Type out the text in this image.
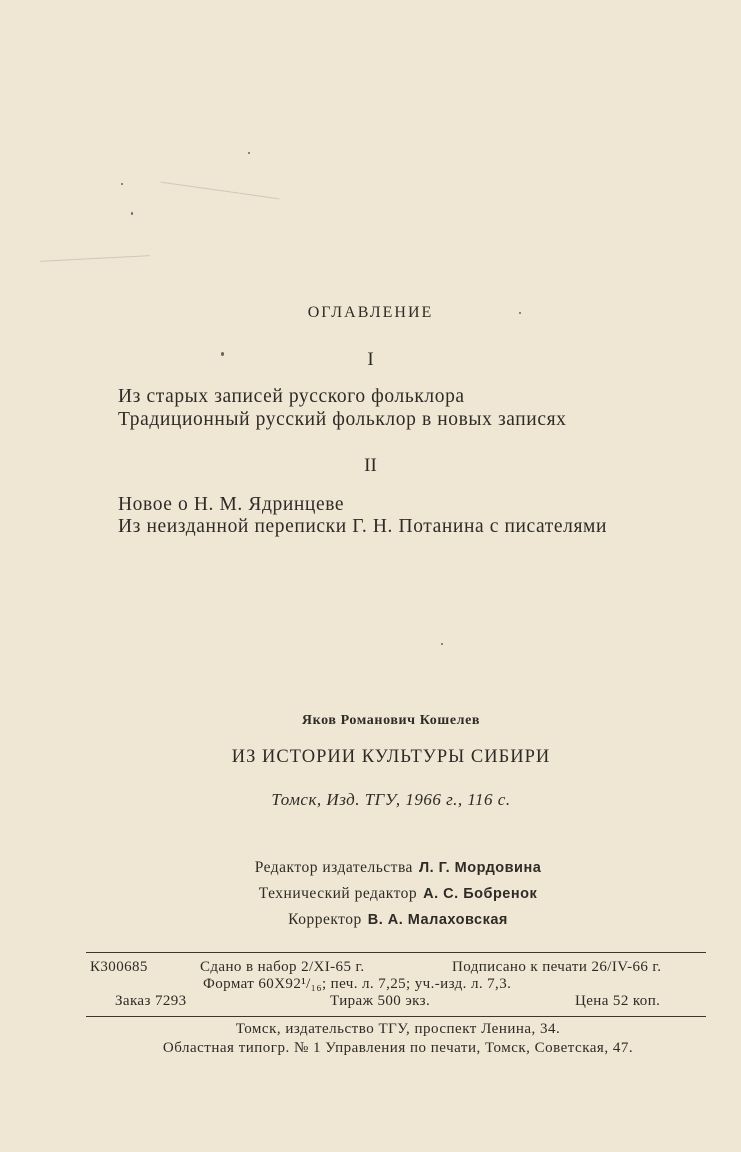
ОГЛАВЛЕНИЕ
I
Из старых записей русского фольклора
Традиционный русский фольклор в новых записях
II
Новое о Н. М. Ядринцеве
Из неизданной переписки Г. Н. Потанина с писателями
Яков Романович Кошелев
ИЗ ИСТОРИИ КУЛЬТУРЫ СИБИРИ
Томск, Изд. ТГУ, 1966 г., 116 с.
Редактор издательства Л. Г. Мордовина
Технический редактор А. С. Бобренок
Корректор В. А. Малаховская
К300685	Сдано в набор 2/XI-65 г.	Подписано к печати 26/IV-66 г.
Формат 60Х92¹/₁₆; печ. л. 7,25; уч.-изд. л. 7,3.
Заказ 7293	Тираж 500 экз.	Цена 52 коп.
Томск, издательство ТГУ, проспект Ленина, 34.
Областная типогр. № 1 Управления по печати, Томск, Советская, 47.
